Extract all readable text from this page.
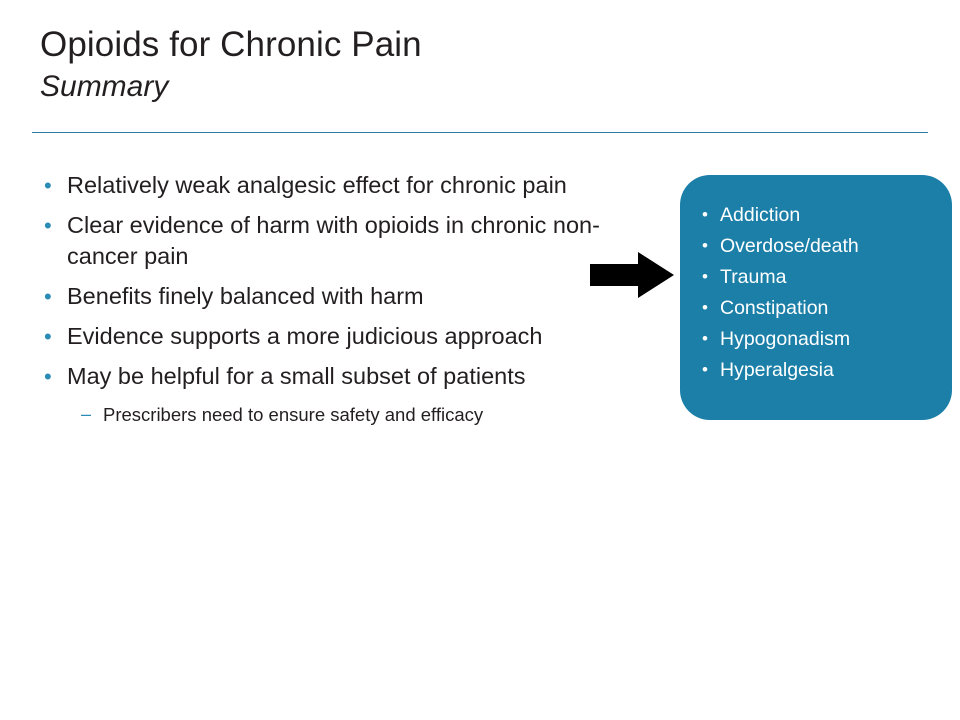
Opioids for Chronic Pain
Summary
• Relatively weak analgesic effect for chronic pain
• Clear evidence of harm with opioids in chronic non-cancer pain
• Benefits finely balanced with harm
• Evidence supports a more judicious approach
• May be helpful for a small subset of patients
– Prescribers need to ensure safety and efficacy
• Addiction
• Overdose/death
• Trauma
• Constipation
• Hypogonadism
• Hyperalgesia
